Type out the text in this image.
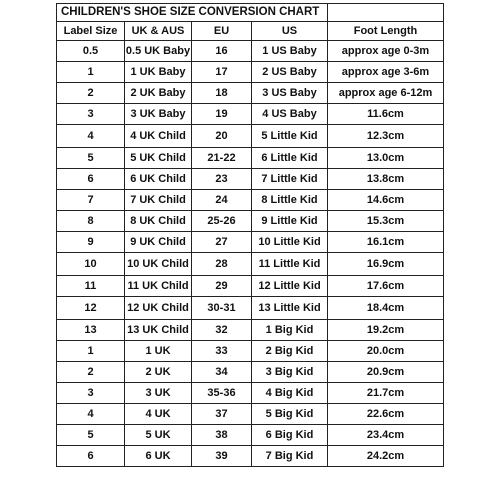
CHILDREN'S SHOE SIZE CONVERSION CHART				
Label Size	UK & AUS	EU	US	Foot Length
0.5	0.5 UK Baby	16	1 US Baby	approx age 0-3m
1	1 UK Baby	17	2 US Baby	approx age 3-6m
2	2 UK Baby	18	3 US Baby	approx age 6-12m
3	3 UK Baby	19	4 US Baby	11.6cm
4	4 UK Child	20	5 Little Kid	12.3cm
5	5 UK Child	21-22	6 Little Kid	13.0cm
6	6 UK Child	23	7 Little Kid	13.8cm
7	7 UK Child	24	8 Little Kid	14.6cm
8	8 UK Child	25-26	9 Little Kid	15.3cm
9	9 UK Child	27	10 Little Kid	16.1cm
10	10 UK Child	28	11 Little Kid	16.9cm
11	11 UK Child	29	12 Little Kid	17.6cm
12	12 UK Child	30-31	13 Little Kid	18.4cm
13	13 UK Child	32	1 Big Kid	19.2cm
1	1 UK	33	2 Big Kid	20.0cm
2	2 UK	34	3 Big Kid	20.9cm
3	3 UK	35-36	4 Big Kid	21.7cm
4	4 UK	37	5 Big Kid	22.6cm
5	5 UK	38	6 Big Kid	23.4cm
6	6 UK	39	7 Big Kid	24.2cm
